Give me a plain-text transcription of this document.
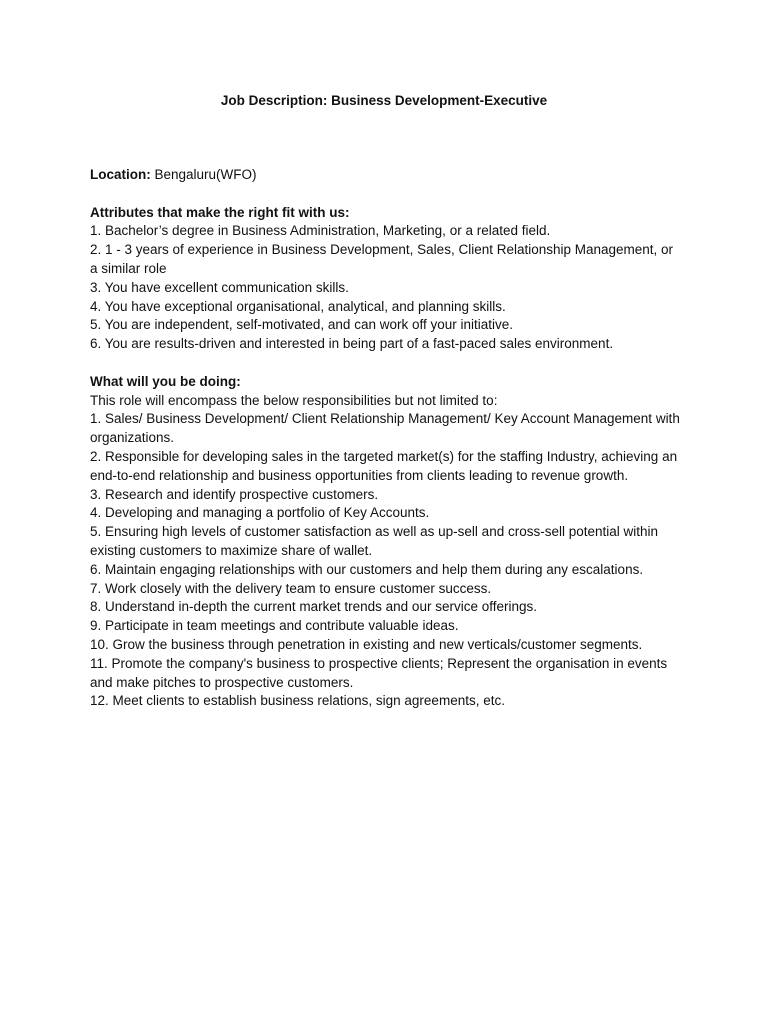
Job Description: Business Development-Executive

Location: Bengaluru(WFO)

Attributes that make the right fit with us:

1. Bachelor’s degree in Business Administration, Marketing, or a related field.
2. 1 - 3 years of experience in Business Development, Sales, Client Relationship Management, or a similar role
3. You have excellent communication skills.
4. You have exceptional organisational, analytical, and planning skills.
5. You are independent, self-motivated, and can work off your initiative.
6. You are results-driven and interested in being part of a fast-paced sales environment.

What will you be doing:

This role will encompass the below responsibilities but not limited to:

1. Sales/ Business Development/ Client Relationship Management/ Key Account Management with organizations.
2. Responsible for developing sales in the targeted market(s) for the staffing Industry, achieving an end-to-end relationship and business opportunities from clients leading to revenue growth.
3. Research and identify prospective customers.
4. Developing and managing a portfolio of Key Accounts.
5. Ensuring high levels of customer satisfaction as well as up-sell and cross-sell potential within existing customers to maximize share of wallet.
6. Maintain engaging relationships with our customers and help them during any escalations.
7. Work closely with the delivery team to ensure customer success.
8. Understand in-depth the current market trends and our service offerings.
9. Participate in team meetings and contribute valuable ideas.
10. Grow the business through penetration in existing and new verticals/customer segments.
11. Promote the company's business to prospective clients; Represent the organisation in events and make pitches to prospective customers.
12. Meet clients to establish business relations, sign agreements, etc.
